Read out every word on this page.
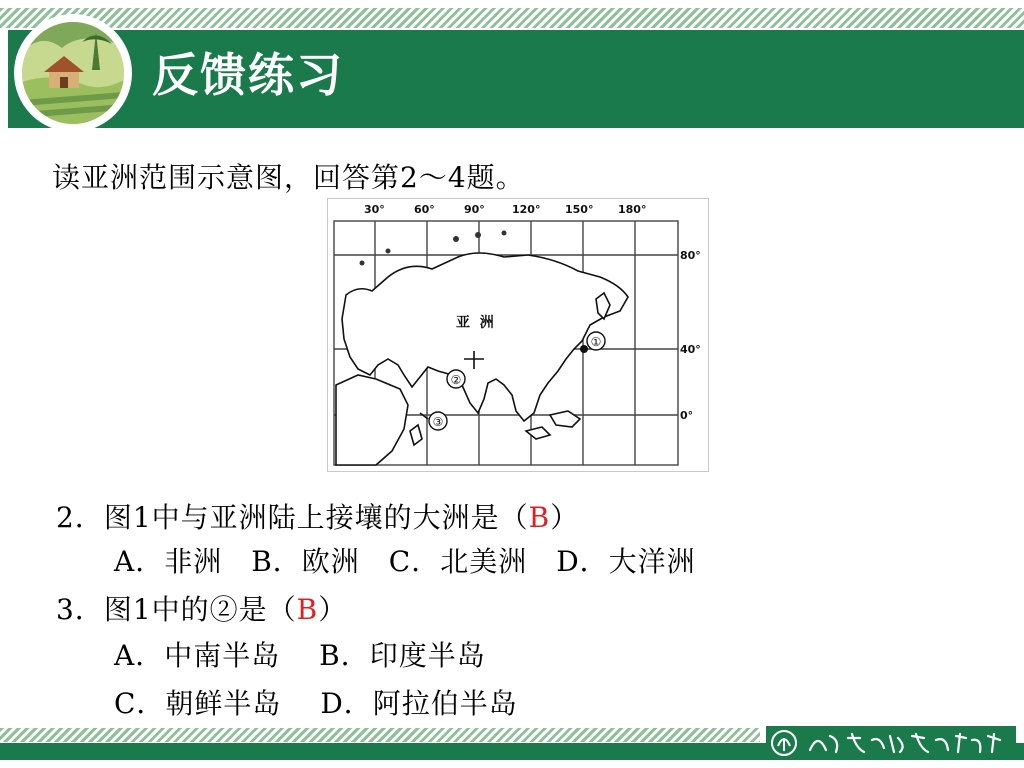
反馈练习
读亚洲范围示意图，回答第2～4题。
30°	60°	90° 120° 150° 180°
80°
40°
0°
亚  洲
①
②
③
2．图1中与亚洲陆上接壤的大洲是（B）
A．非洲　B．欧洲　C．北美洲　D．大洋洲
3．图1中的②是（B）
A．中南半岛　 B．印度半岛
C．朝鲜半岛　 D．阿拉伯半岛
